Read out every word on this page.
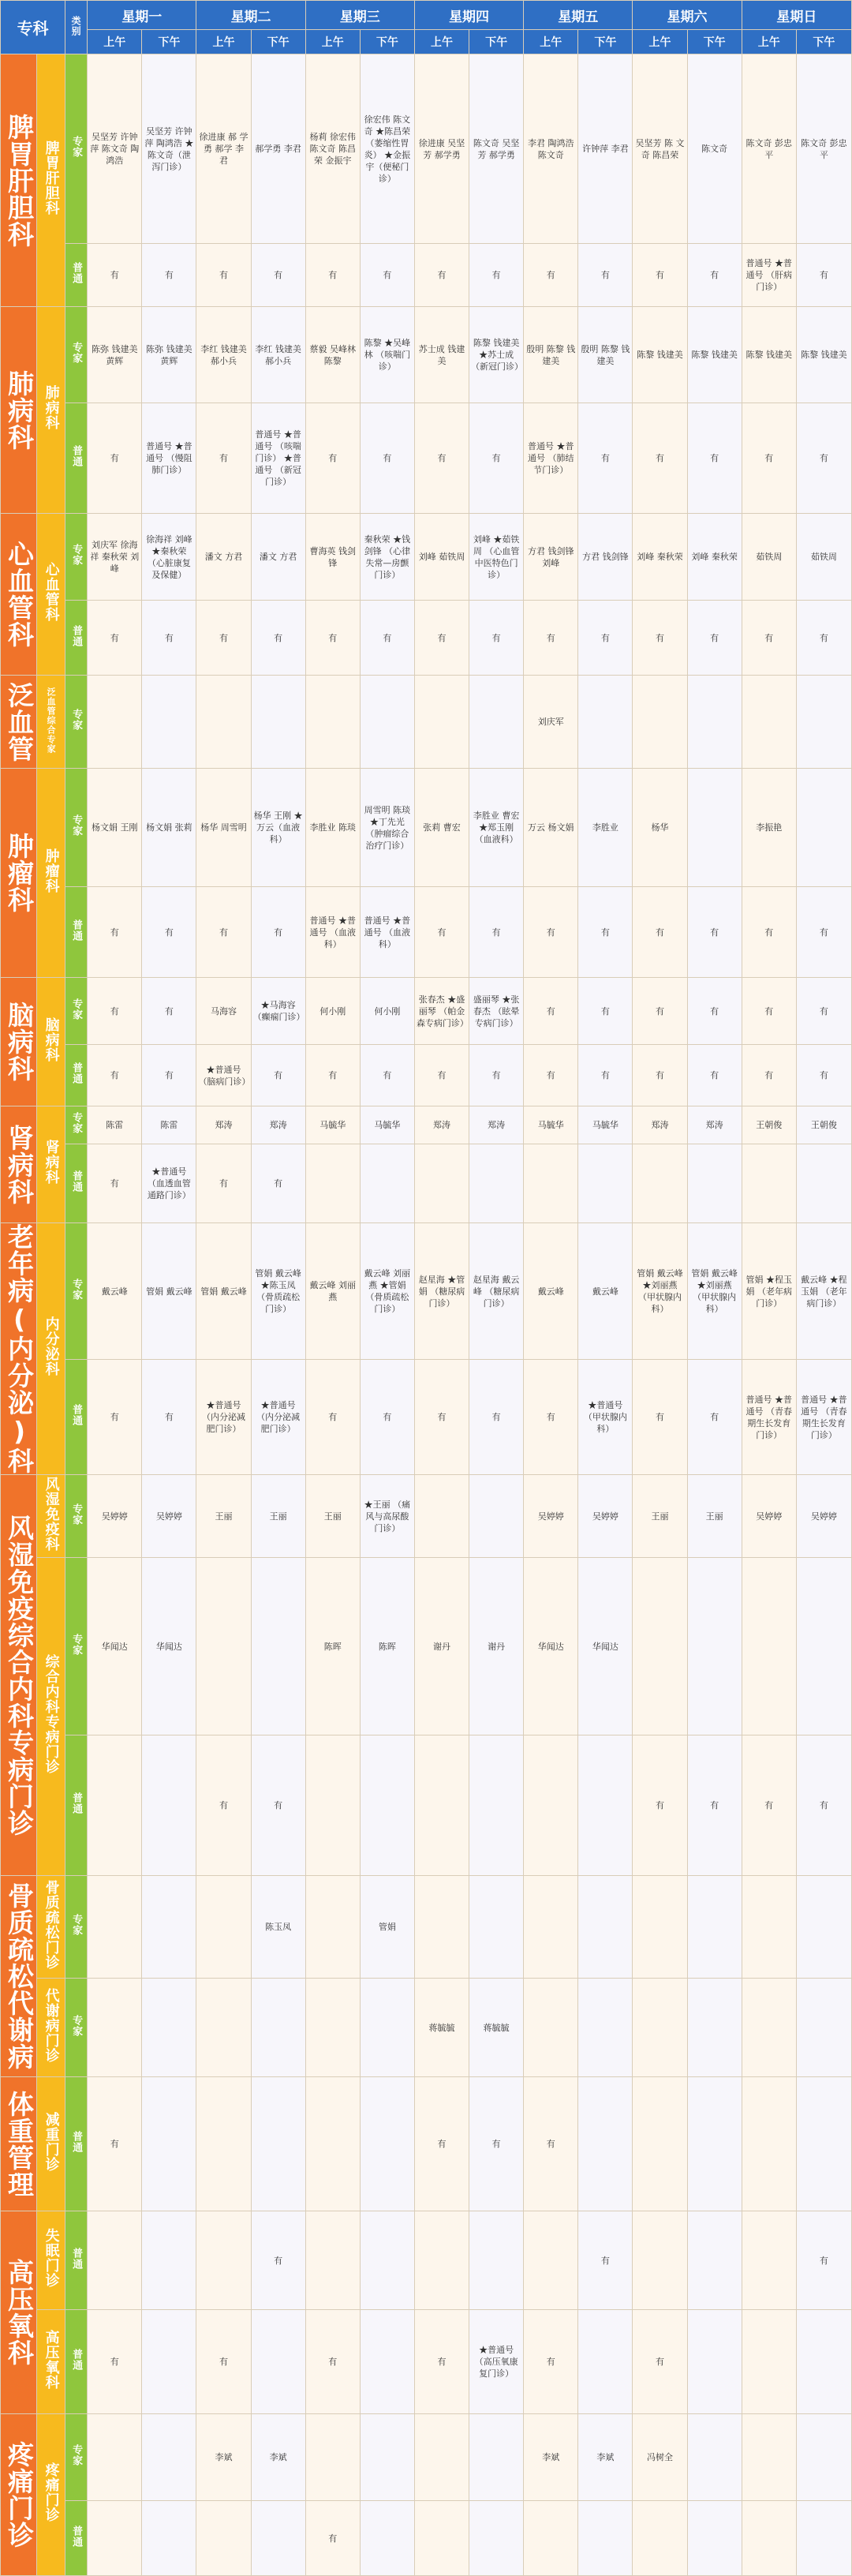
专科		类别	星期一		星期二		星期三		星期四		星期五		星期六		星期日	
			上午	下午	上午	下午	上午	下午	上午	下午	上午	下午	上午	下午	上午	下午

脾胃肝胆科	脾胃肝胆科	专家	吴坚芳 许钟萍 陈文奇 陶鸿浩	吴坚芳 许钟萍 陶鸿浩 ★陈文奇（泄泻门诊）	徐进康 郝 学勇 郝学 李 君	郝学勇 李君	杨莉 徐宏伟 陈文奇 陈昌荣 金振宇	徐宏伟 陈文奇 ★陈昌荣（萎缩性胃炎） ★金振宇（便秘门诊）	徐进康 吴坚芳 郝学勇	陈文奇 吴坚芳 郝学勇	李君 陶鸿浩 陈文奇	许钟萍 李君	吴坚芳 陈 文奇 陈昌荣	陈文奇	陈文奇 彭忠平	陈文奇 彭忠平
		普通	有	有	有	有	有	有	有	有	有	有	有	有	普通号 ★普通号 （肝病门诊）	有

肺病科	肺病科	专家	陈弥 钱建美 黄辉	陈弥 钱建美 黄辉	李红 钱建美 郝小兵	李红 钱建美 郝小兵	蔡毅 吴峰林 陈黎	陈黎 ★吴峰林 （咳喘门诊）	苏士成 钱建美	陈黎 钱建美 ★苏士成 （新冠门诊）	殷明 陈黎 钱建美	殷明 陈黎 钱建美	陈黎 钱建美	陈黎 钱建美	陈黎 钱建美	陈黎 钱建美
		普通	有	普通号 ★普通号 （慢阻肺门诊）	有	普通号 ★普通号 （咳喘门诊） ★普通号 （新冠门诊）	有	有	有	有	普通号 ★普通号 （肺结节门诊）	有	有	有	有	有

心血管科	心血管科	专家	刘庆军 徐海祥 秦秋荣 刘峰	徐海祥 刘峰 ★秦秋荣 （心脏康复及保健）	潘文 方君	潘文 方君	曹海英 钱剑锋	秦秋荣 ★钱剑锋 （心律失常—房颤门诊）	刘峰 茹铁周	刘峰 ★茹铁周 （心血管中医特色门诊）	方君 钱剑锋 刘峰	方君 钱剑锋	刘峰 秦秋荣	刘峰 秦秋荣	茹铁周	茹铁周
		普通	有	有	有	有	有	有	有	有	有	有	有	有	有	有

泛血管	泛血管综合专家	专家									刘庆军					

肿瘤科	肿瘤科	专家	杨文娟 王刚	杨文娟 张莉	杨华 周雪明	杨华 王刚 ★万云（血液科）	李胜业 陈琰	周雪明 陈琰 ★丁先光 （肿瘤综合治疗门诊）	张莉 曹宏	李胜业 曹宏 ★郑玉刚 （血液科）	万云 杨文娟	李胜业	杨华		李振艳	
		普通	有	有	有	有	普通号 ★普通号 （血液科）	普通号 ★普通号 （血液科）	有	有	有	有	有	有	有	有

脑病科	脑病科	专家	有	有	马海容	★马海容 （癫痫门诊）	何小刚	何小刚	张春杰 ★盛丽琴 （帕金森专病门诊）	盛丽琴 ★张春杰 （眩晕专病门诊）	有	有	有	有	有	有
		普通	有	有	★普通号 （脑病门诊）	有	有	有	有	有	有	有	有	有	有	有

肾病科	肾病科	专家	陈雷	陈雷	郑涛	郑涛	马毓华	马毓华	郑涛	郑涛	马毓华	马毓华	郑涛	郑涛	王朝俊	王朝俊
		普通	有	★普通号 （血透血管通路门诊）	有	有										

老年病(内分泌)科	内分泌科	专家	戴云峰	管娟 戴云峰	管娟 戴云峰	管娟 戴云峰 ★陈玉凤 （骨质疏松门诊）	戴云峰 刘丽燕	戴云峰 刘丽燕 ★管娟 （骨质疏松门诊）	赵星海 ★管娟 （糖尿病门诊）	赵星海 戴云峰 （糖尿病门诊）	戴云峰	戴云峰	管娟 戴云峰 ★刘丽燕 （甲状腺内科）	管娟 戴云峰 ★刘丽燕 （甲状腺内科）	管娟 ★程玉娟 （老年病门诊）	戴云峰 ★程玉娟 （老年病门诊）
		普通	有	有	★普通号 （内分泌减肥门诊）	★普通号 （内分泌减肥门诊）	有	有	有	有	有	★普通号 （甲状腺内科）	有	有	普通号 ★普通号 （青春期生长发育门诊）	普通号 ★普通号 （青春期生长发育门诊）

风湿免疫综合内科专病门诊	风湿免疫科	专家	吴婷婷	吴婷婷	王丽	王丽	王丽	★王丽 （痛风与高尿酸门诊）			吴婷婷	吴婷婷	王丽	王丽	吴婷婷	吴婷婷
	综合内科专病门诊	专家	华闻达	华闻达			陈晖	陈晖	谢丹	谢丹	华闻达	华闻达				
		普通			有	有							有	有	有	有

骨质疏松代谢病	骨质疏松门诊	专家				陈玉凤		管娟								
	代谢病门诊	专家							蒋毓毓	蒋毓毓						

体重管理	减重门诊	普通	有						有	有	有					

高压氧科	失眠门诊	普通				有						有				有
	高压氧科	普通	有		有		有		有	★普通号 （高压氧康复门诊）	有		有			

疼痛门诊	疼痛门诊	专家			李斌	李斌					李斌	李斌	冯树全			
		普通					有									
